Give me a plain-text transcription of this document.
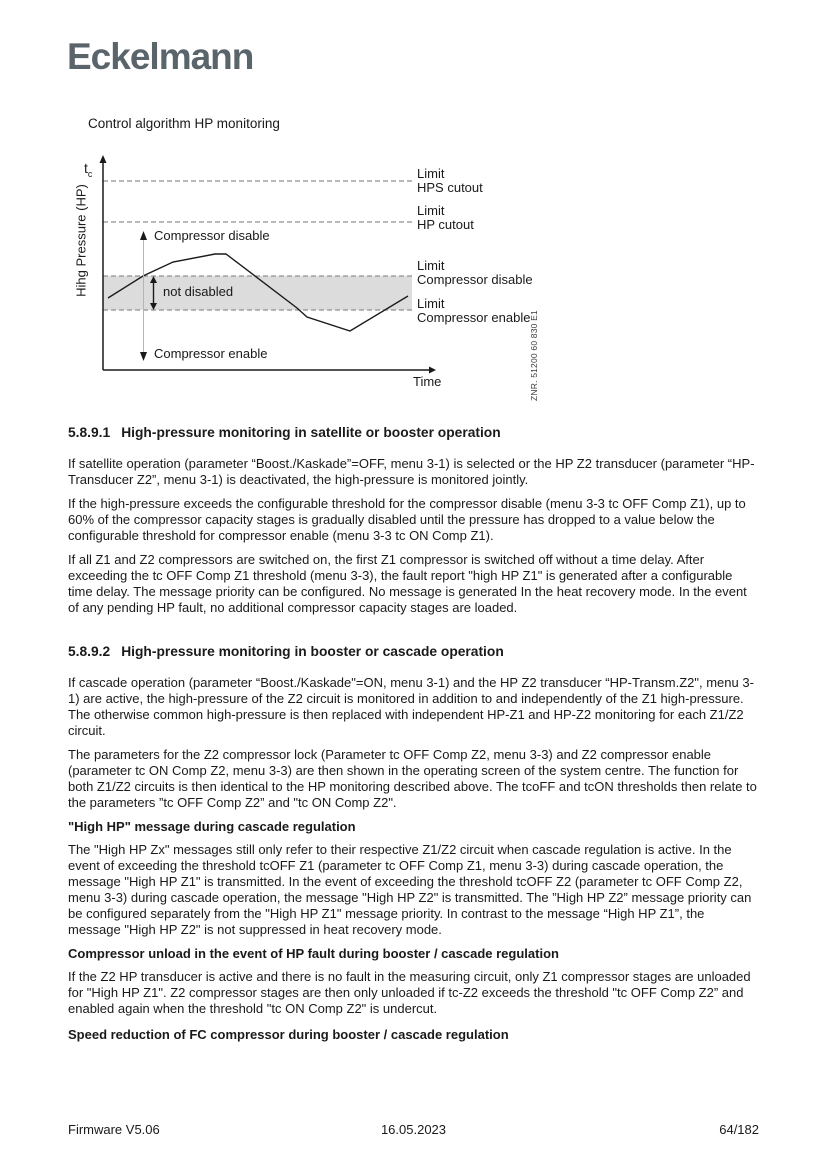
Eckelmann
Control algorithm HP monitoring
$t_c$
Hihg Pressure (HP)	Compressor disable
not disabled
Compressor enable
Time
Limit
HPS cutout
Limit
HP cutout
Limit
Compressor disable
Limit
Compressor enable
ZNR. 51200 60 830 E1
5.8.9.1 High-pressure monitoring in satellite or booster operation

If satellite operation (parameter “Boost./Kaskade”=OFF, menu 3-1) is selected or the HP Z2 transducer (parameter “HP-Transducer Z2”, menu 3-1) is deactivated, the high-pressure is monitored jointly.

If the high-pressure exceeds the configurable threshold for the compressor disable (menu 3-3 tc OFF Comp Z1), up to 60% of the compressor capacity stages is gradually disabled until the pressure has dropped to a value below the configurable threshold for compressor enable (menu 3-3 tc ON Comp Z1).

If all Z1 and Z2 compressors are switched on, the first Z1 compressor is switched off without a time delay. After exceeding the tc OFF Comp Z1 threshold (menu 3-3), the fault report "high HP Z1" is generated after a configurable time delay. The message priority can be configured. No message is generated In the heat recovery mode. In the event of any pending HP fault, no additional compressor capacity stages are loaded.

5.8.9.2 High-pressure monitoring in booster or cascade operation

If cascade operation (parameter “Boost./Kaskade"=ON, menu 3-1) and the HP Z2 transducer “HP-Transm.Z2", menu 3-1) are active, the high-pressure of the Z2 circuit is monitored in addition to and independently of the Z1 high-pressure. The otherwise common high-pressure is then replaced with independent HP-Z1 and HP-Z2 monitoring for each Z1/Z2 circuit.

The parameters for the Z2 compressor lock (Parameter tc OFF Comp Z2, menu 3-3) and Z2 compressor enable (parameter tc ON Comp Z2, menu 3-3) are then shown in the operating screen of the system centre. The function for both Z1/Z2 circuits is then identical to the HP monitoring described above. The tcoFF and tcON thresholds then relate to the parameters ”tc OFF Comp Z2” and "tc ON Comp Z2".

"High HP" message during cascade regulation

The "High HP Zx" messages still only refer to their respective Z1/Z2 circuit when cascade regulation is active. In the event of exceeding the threshold tcOFF Z1 (parameter tc OFF Comp Z1, menu 3-3) during cascade operation, the message "High HP Z1" is transmitted. In the event of exceeding the threshold tcOFF Z2 (parameter tc OFF Comp Z2, menu 3-3) during cascade operation, the message "High HP Z2" is transmitted. The ”High HP Z2” message priority can be configured separately from the "High HP Z1" message priority. In contrast to the message “High HP Z1”, the message "High HP Z2" is not suppressed in heat recovery mode.

Compressor unload in the event of HP fault during booster / cascade regulation

If the Z2 HP transducer is active and there is no fault in the measuring circuit, only Z1 compressor stages are unloaded for "High HP Z1". Z2 compressor stages are then only unloaded if tc-Z2 exceeds the threshold "tc OFF Comp Z2” and enabled again when the threshold "tc ON Comp Z2" is undercut.

Speed reduction of FC compressor during booster / cascade regulation
Firmware V5.06	16.05.2023	64/182
